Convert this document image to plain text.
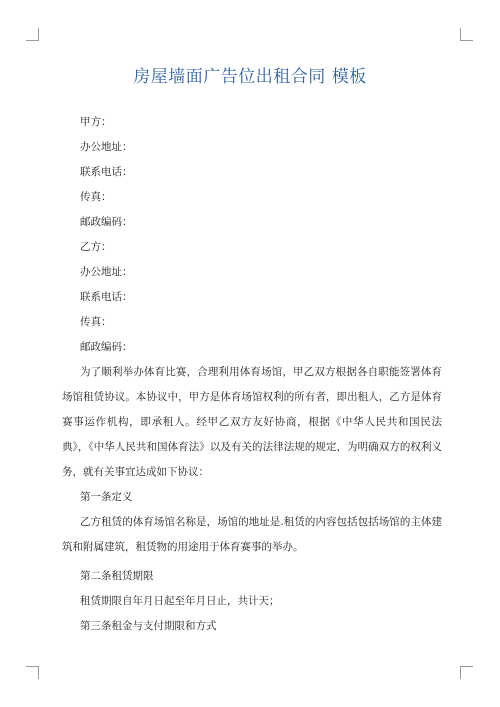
房屋墙面广告位出租合同 模板
甲方：
办公地址：
联系电话：
传真：
邮政编码：
乙方：
办公地址：
联系电话：
传真：
邮政编码：
为了顺利举办体育比赛，合理利用体育场馆，甲乙双方根据各自职能签署体育场馆租赁协议。本协议中，甲方是体育场馆权利的所有者，即出租人，乙方是体育赛事运作机构，即承租人。经甲乙双方友好协商，根据《中华人民共和国民法典》，《中华人民共和国体育法》以及有关的法律法规的规定，为明确双方的权利义务，就有关事宜达成如下协议：
第一条定义
乙方租赁的体育场馆名称是，场馆的地址是.租赁的内容包括包括场馆的主体建筑和附属建筑，租赁物的用途用于体育赛事的举办。
第二条租赁期限
租赁期限自年月日起至年月日止，共计天；
第三条租金与支付期限和方式
